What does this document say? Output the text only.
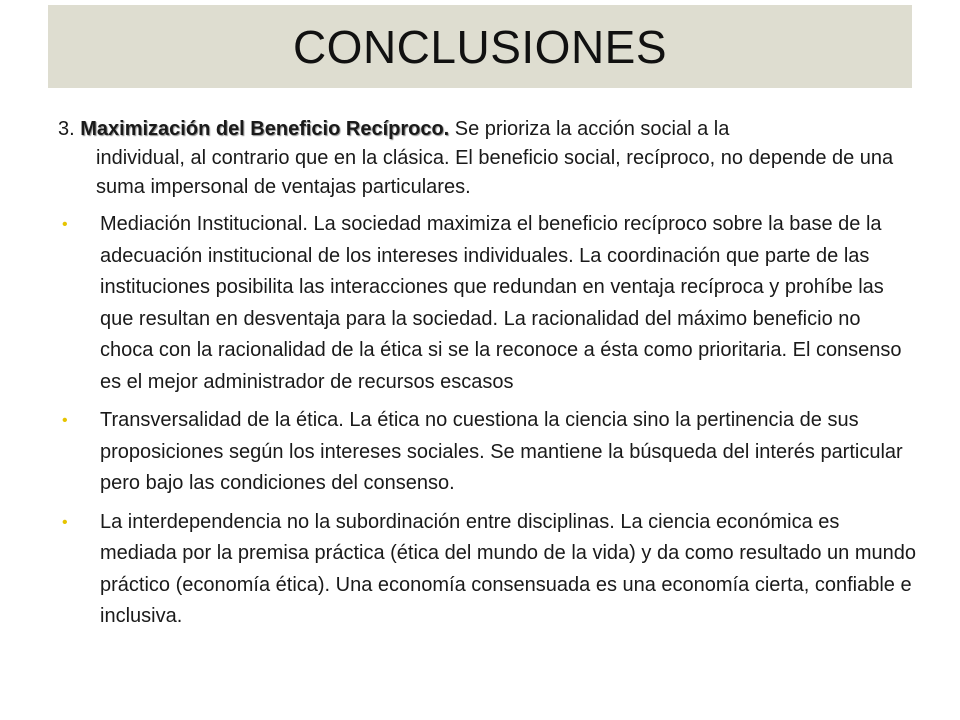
CONCLUSIONES
3. Maximización del Beneficio Recíproco. Se prioriza la acción social a la
individual, al contrario que en la clásica. El beneficio social, recíproco, no depende de una suma impersonal de ventajas particulares.
• Mediación Institucional. La sociedad maximiza el beneficio recíproco sobre la base de la adecuación institucional de los intereses individuales. La coordinación que parte de las instituciones posibilita las interacciones que redundan en ventaja recíproca y prohíbe las que resultan en desventaja para la sociedad. La racionalidad del máximo beneficio no choca con la racionalidad de la ética si se la reconoce a ésta como prioritaria. El consenso es el mejor administrador de recursos escasos
• Transversalidad de la ética. La ética no cuestiona la ciencia sino la pertinencia de sus proposiciones según los intereses sociales. Se mantiene la búsqueda del interés particular pero bajo las condiciones del consenso.
• La interdependencia no la subordinación entre disciplinas. La ciencia económica es mediada por la premisa práctica (ética del mundo de la vida) y da como resultado un mundo práctico (economía ética). Una economía consensuada es una economía cierta, confiable e inclusiva.
